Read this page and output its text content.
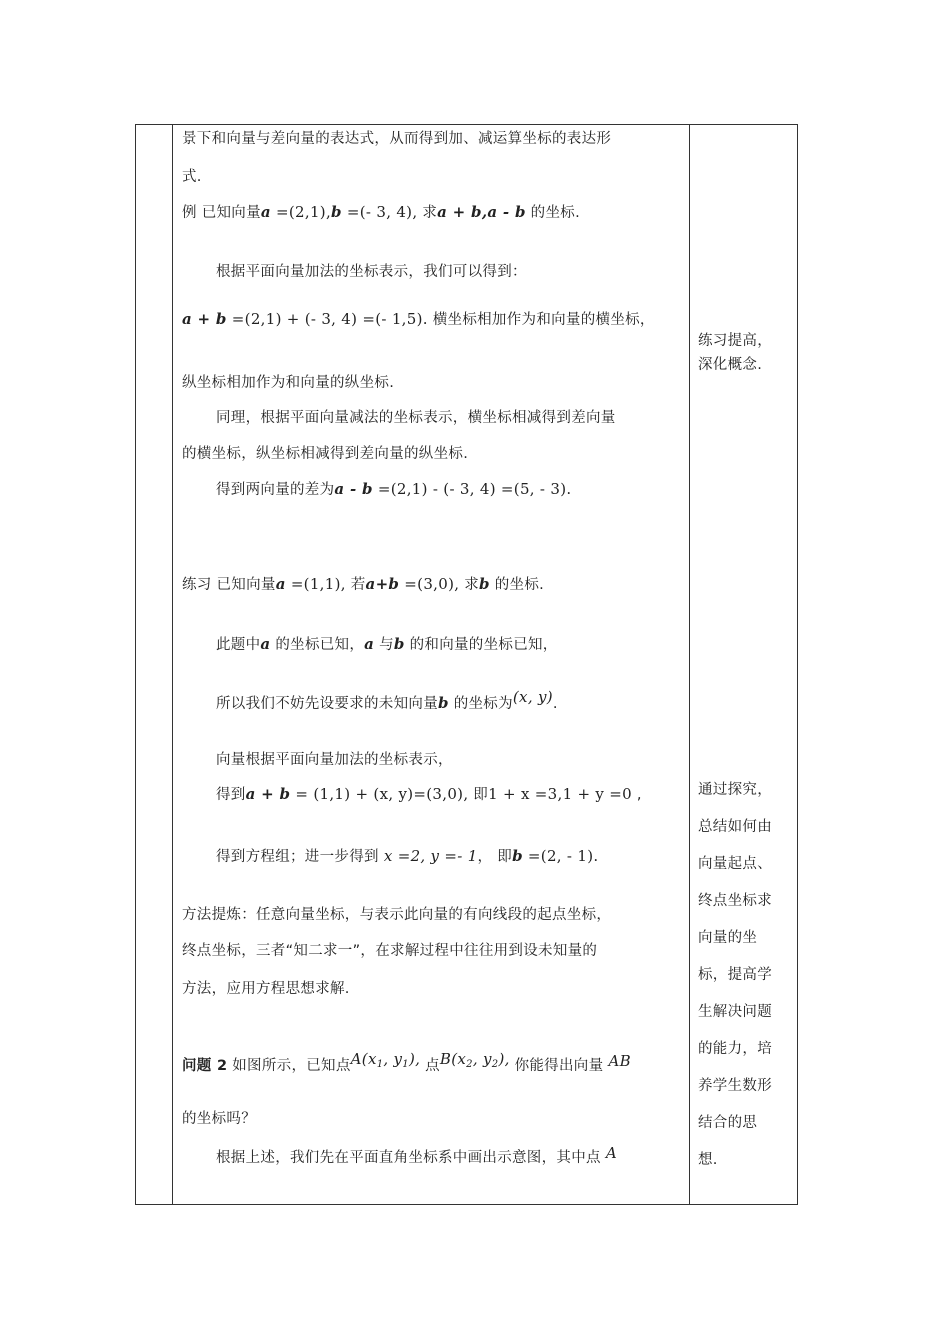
景下和向量与差向量的表达式，从而得到加、减运算坐标的表达形
式.
例 已知向量a =(2,1),b =(- 3, 4), 求a + b,a - b 的坐标.
根据平面向量加法的坐标表示，我们可以得到：
a + b =(2,1) + (- 3, 4) =(- 1,5). 横坐标相加作为和向量的横坐标，
纵坐标相加作为和向量的纵坐标.
同理，根据平面向量减法的坐标表示，横坐标相减得到差向量
的横坐标，纵坐标相减得到差向量的纵坐标.
得到两向量的差为a - b =(2,1) - (- 3, 4) =(5, - 3).
练习 已知向量a =(1,1), 若a+b =(3,0), 求b 的坐标.
此题中a 的坐标已知，a 与b 的和向量的坐标已知，
所以我们不妨先设要求的未知向量b 的坐标为(x, y).
向量根据平面向量加法的坐标表示，
得到a + b = (1,1) + (x, y)=(3,0), 即1 + x =3,1 + y =0 ,
得到方程组；进一步得到 x =2, y =- 1， 即b =(2, - 1).
方法提炼：任意向量坐标，与表示此向量的有向线段的起点坐标，
终点坐标，三者“知二求一”，在求解过程中往往用到设未知量的
方法，应用方程思想求解.
问题 2 如图所示，已知点$A(x_1$, $y_1$), 点$B(x_2$, $y_2$), 你能得出向量 AB
的坐标吗？
根据上述，我们先在平面直角坐标系中画出示意图，其中点 A
练习提高，
深化概念.
通过探究，
总结如何由
向量起点、
终点坐标求
向量的坐
标，提高学
生解决问题
的能力，培
养学生数形
结合的思
想.
